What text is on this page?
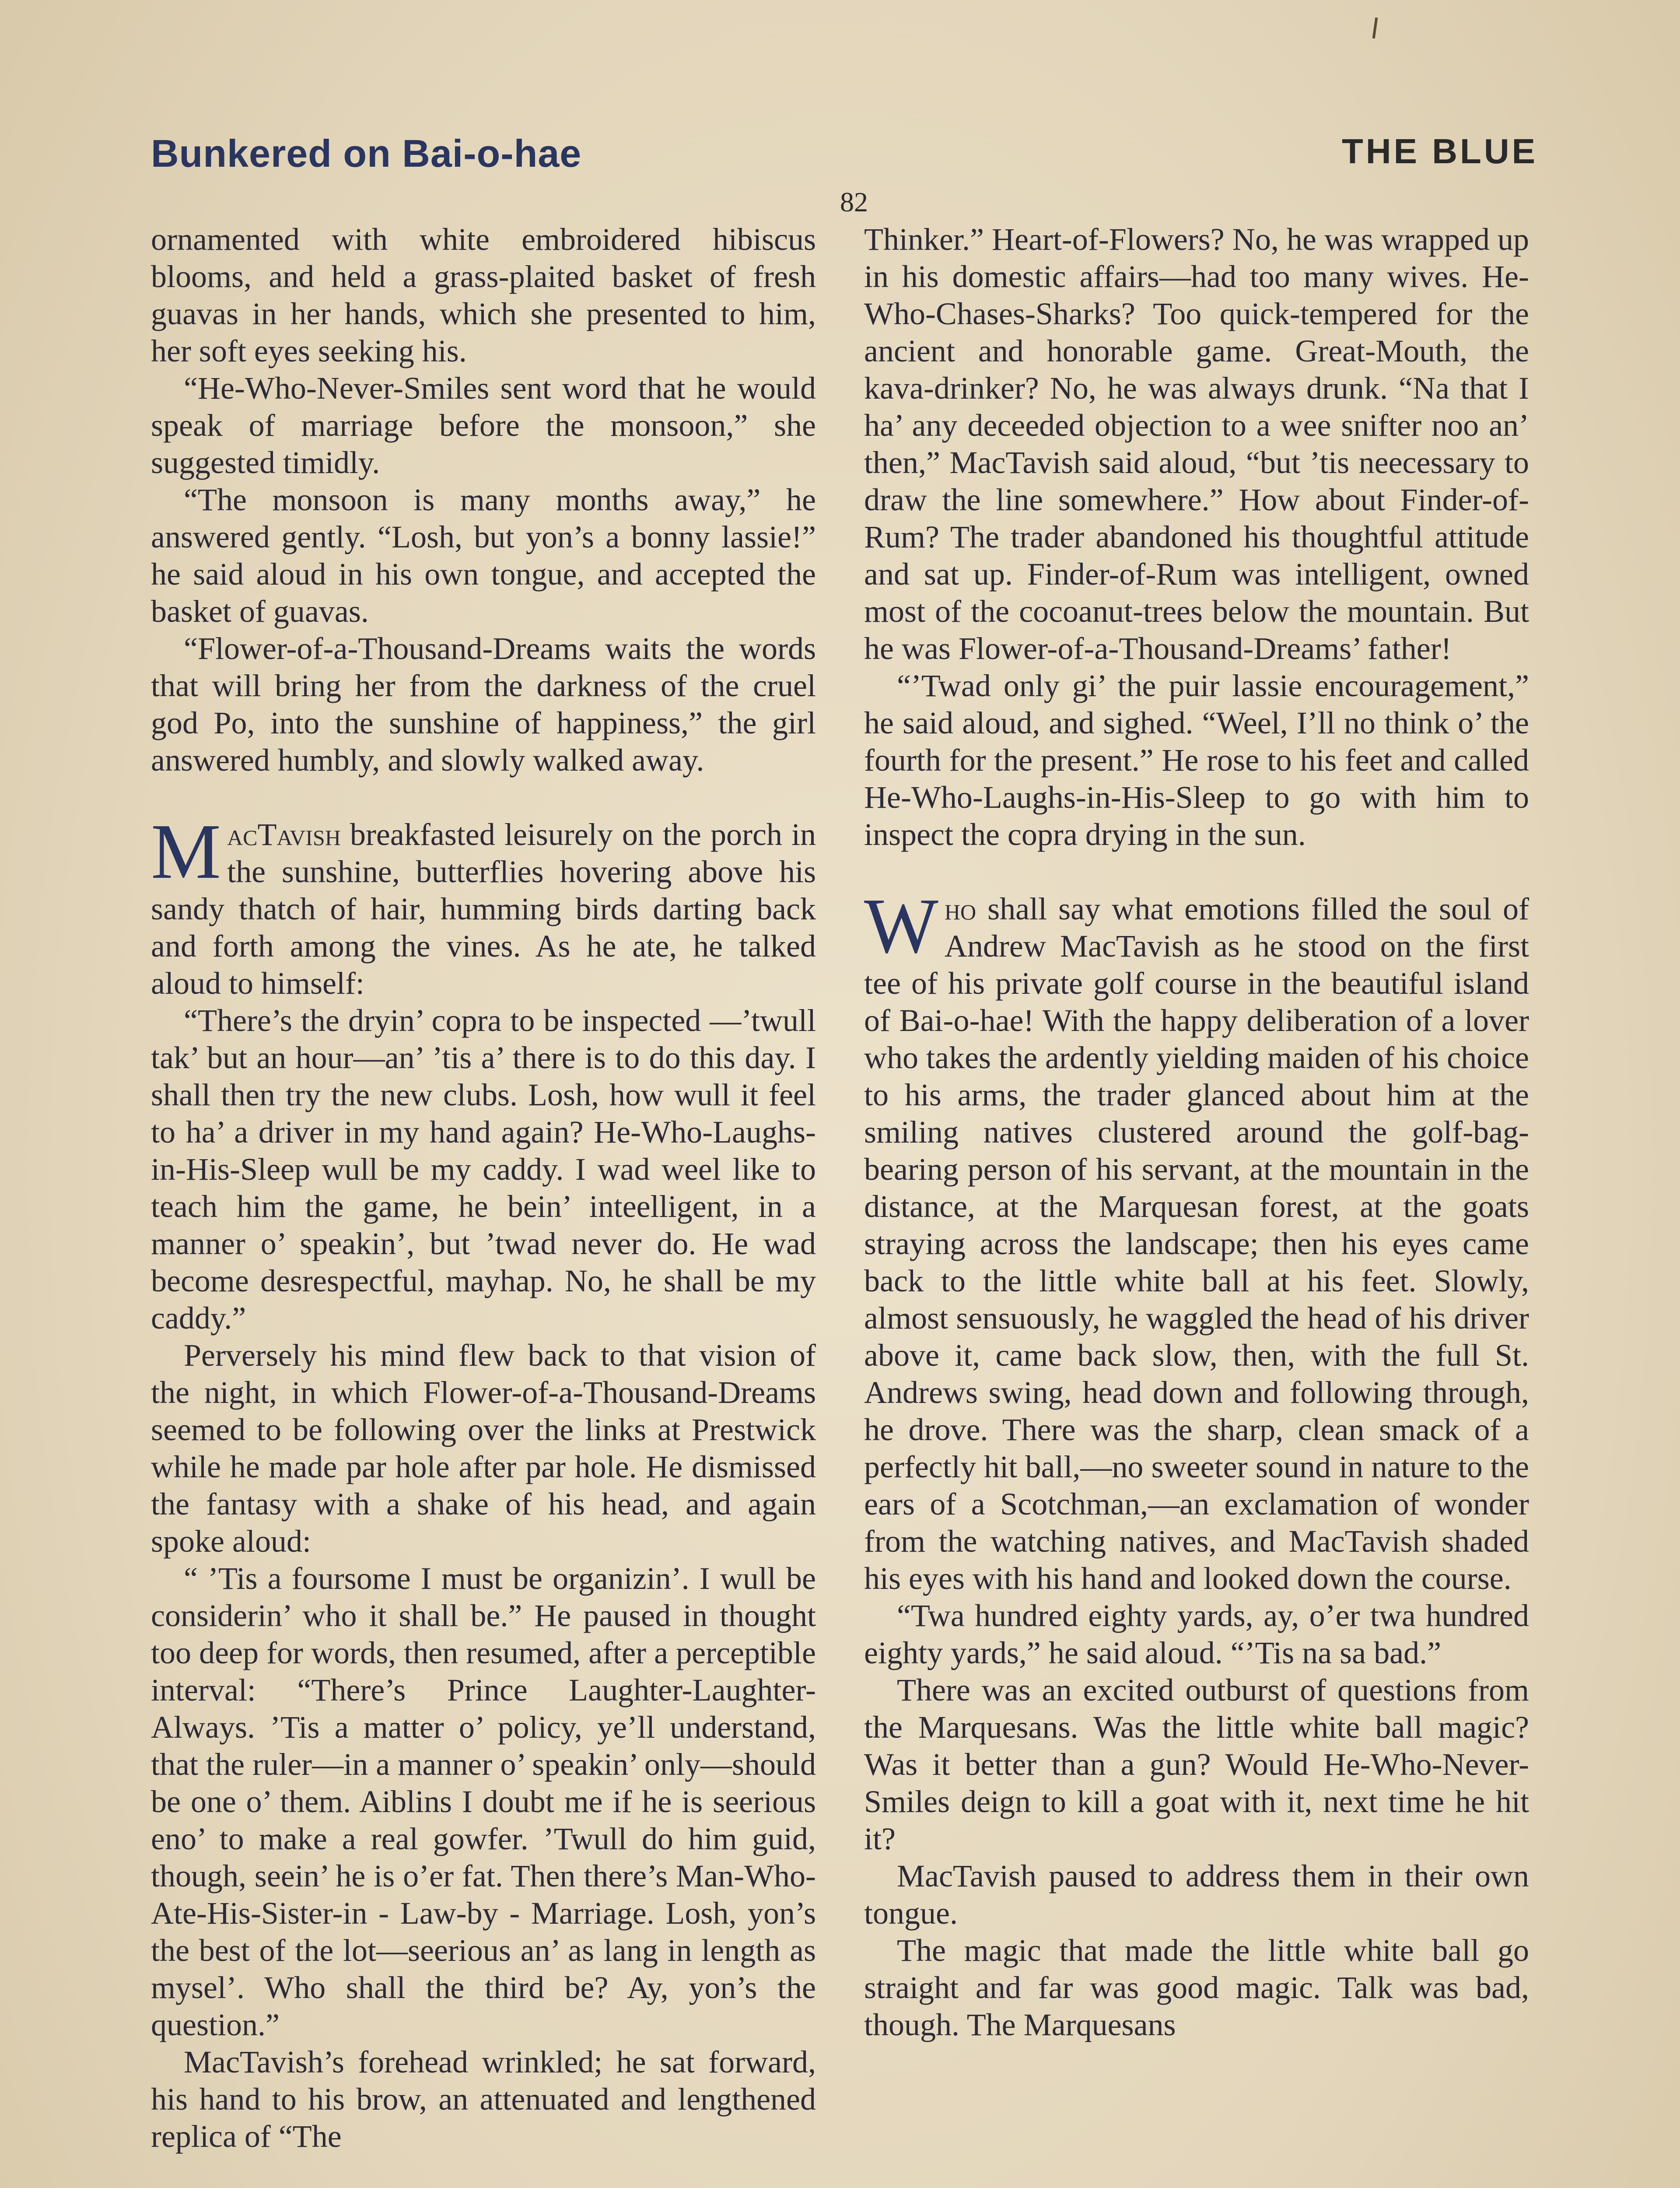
Bunkered on Bai-o-hae	THE BLUE
82

ornamented with white embroidered hibiscus blooms, and held a grass-plaited basket of fresh guavas in her hands, which she presented to him, her soft eyes seeking his.

“He-Who-Never-Smiles sent word that he would speak of marriage before the monsoon,” she suggested timidly.

“The monsoon is many months away,” he answered gently. “Losh, but yon’s a bonny lassie!” he said aloud in his own tongue, and accepted the basket of guavas.

“Flower-of-a-Thousand-Dreams waits the words that will bring her from the darkness of the cruel god Po, into the sunshine of happiness,” the girl answered humbly, and slowly walked away.

MacTavish breakfasted leisurely on the porch in the sunshine, butterflies hovering above his sandy thatch of hair, humming birds darting back and forth among the vines. As he ate, he talked aloud to himself:

“There’s the dryin’ copra to be inspected —’twull tak’ but an hour—an’ ’tis a’ there is to do this day. I shall then try the new clubs. Losh, how wull it feel to ha’ a driver in my hand again? He-Who-Laughs-in-His-Sleep wull be my caddy. I wad weel like to teach him the game, he bein’ inteelligent, in a manner o’ speakin’, but ’twad never do. He wad become desrespectful, mayhap. No, he shall be my caddy.”

Perversely his mind flew back to that vision of the night, in which Flower-of-a-Thousand-Dreams seemed to be following over the links at Prestwick while he made par hole after par hole. He dismissed the fantasy with a shake of his head, and again spoke aloud:

“ ’Tis a foursome I must be organizin’. I wull be considerin’ who it shall be.” He paused in thought too deep for words, then resumed, after a perceptible interval: “There’s Prince Laughter-Laughter-Always. ’Tis a matter o’ policy, ye’ll understand, that the ruler—in a manner o’ speakin’ only—should be one o’ them. Aiblins I doubt me if he is seerious eno’ to make a real gowfer. ’Twull do him guid, though, seein’ he is o’er fat. Then there’s Man-Who-Ate-His-Sister-in - Law-by - Marriage. Losh, yon’s the best of the lot—seerious an’ as lang in length as mysel’. Who shall the third be? Ay, yon’s the question.”

MacTavish’s forehead wrinkled; he sat forward, his hand to his brow, an attenuated and lengthened replica of “The

Thinker.” Heart-of-Flowers? No, he was wrapped up in his domestic affairs—had too many wives. He-Who-Chases-Sharks? Too quick-tempered for the ancient and honorable game. Great-Mouth, the kava-drinker? No, he was always drunk. “Na that I ha’ any deceeded objection to a wee snifter noo an’ then,” MacTavish said aloud, “but ’tis neecessary to draw the line somewhere.” How about Finder-of-Rum? The trader abandoned his thoughtful attitude and sat up. Finder-of-Rum was intelligent, owned most of the cocoanut-trees below the mountain. But he was Flower-of-a-Thousand-Dreams’ father!

“’Twad only gi’ the puir lassie encouragement,” he said aloud, and sighed. “Weel, I’ll no think o’ the fourth for the present.” He rose to his feet and called He-Who-Laughs-in-His-Sleep to go with him to inspect the copra drying in the sun.

Who shall say what emotions filled the soul of Andrew MacTavish as he stood on the first tee of his private golf course in the beautiful island of Bai-o-hae! With the happy deliberation of a lover who takes the ardently yielding maiden of his choice to his arms, the trader glanced about him at the smiling natives clustered around the golf-bag-bearing person of his servant, at the mountain in the distance, at the Marquesan forest, at the goats straying across the landscape; then his eyes came back to the little white ball at his feet. Slowly, almost sensuously, he waggled the head of his driver above it, came back slow, then, with the full St. Andrews swing, head down and following through, he drove. There was the sharp, clean smack of a perfectly hit ball,—no sweeter sound in nature to the ears of a Scotchman,—an exclamation of wonder from the watching natives, and MacTavish shaded his eyes with his hand and looked down the course.

“Twa hundred eighty yards, ay, o’er twa hundred eighty yards,” he said aloud. “’Tis na sa bad.”

There was an excited outburst of questions from the Marquesans. Was the little white ball magic? Was it better than a gun? Would He-Who-Never-Smiles deign to kill a goat with it, next time he hit it?

MacTavish paused to address them in their own tongue.

The magic that made the little white ball go straight and far was good magic. Talk was bad, though. The Marquesans
